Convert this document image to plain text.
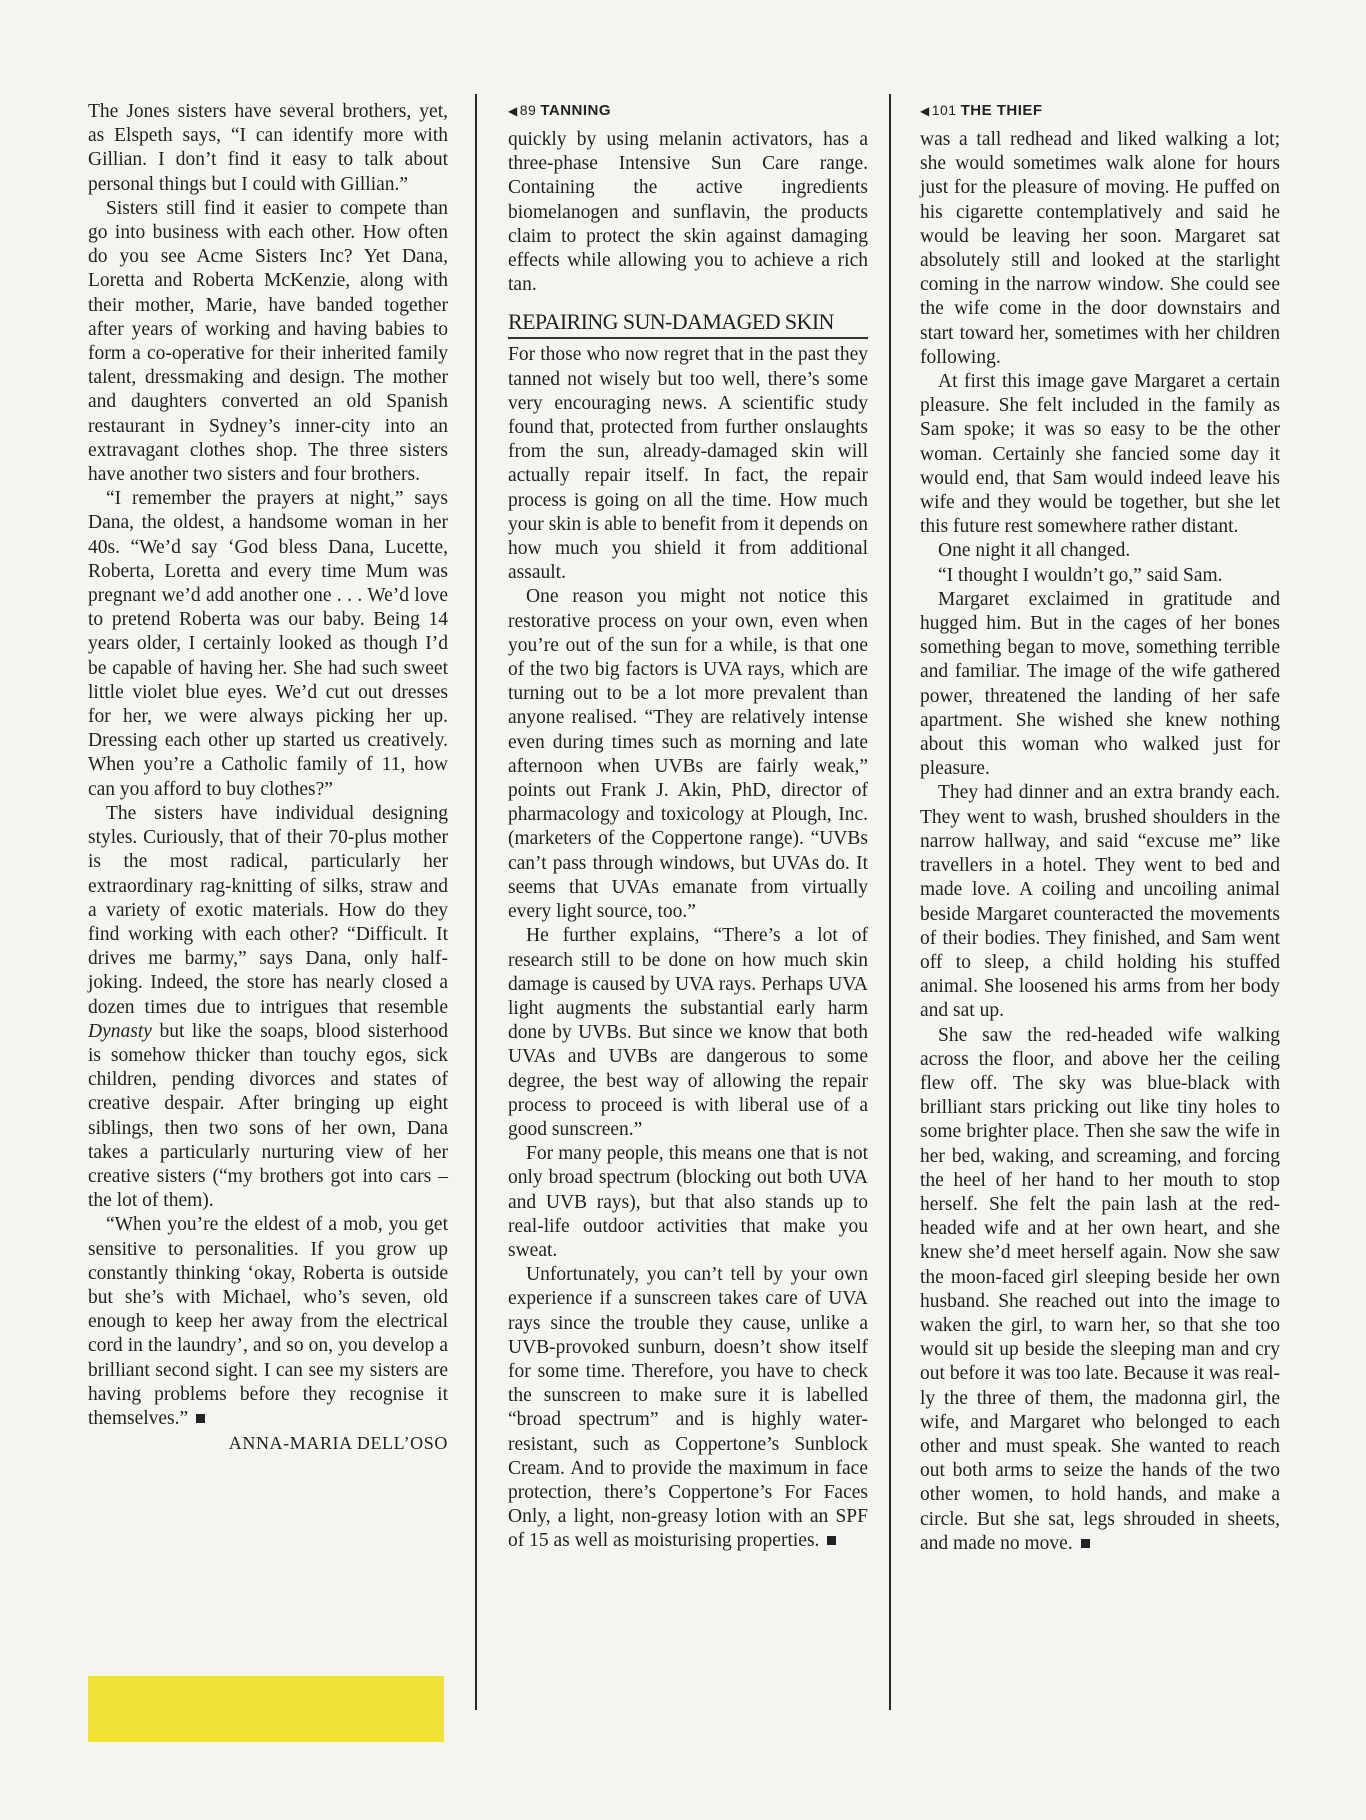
The Jones sisters have several brothers, yet, as Elspeth says, “I can identify more with Gillian. I don’t find it easy to talk about personal things but I could with Gillian.”

Sisters still find it easier to compete than go into business with each other. How often do you see Acme Sisters Inc? Yet Dana, Loretta and Roberta McKenzie, along with their mother, Marie, have banded together after years of working and having babies to form a co-operative for their inherited family talent, dressmaking and design. The mother and daughters converted an old Spanish restaurant in Sydney’s inner-city into an extravagant clothes shop. The three sisters have another two sisters and four brothers.

“I remember the prayers at night,” says Dana, the oldest, a handsome woman in her 40s. “We’d say ‘God bless Dana, Lucette, Roberta, Loretta and every time Mum was pregnant we’d add another one . . . We’d love to pretend Roberta was our baby. Being 14 years older, I certainly looked as though I’d be capable of having her. She had such sweet little violet blue eyes. We’d cut out dresses for her, we were always picking her up. Dressing each other up started us creatively. When you’re a Catholic family of 11, how can you afford to buy clothes?”

The sisters have individual designing styles. Curiously, that of their 70-plus mother is the most radical, particularly her extraordinary rag-knitting of silks, straw and a variety of exotic materials. How do they find working with each other? “Difficult. It drives me barmy,” says Dana, only half-joking. Indeed, the store has nearly closed a dozen times due to intrigues that resemble Dynasty but like the soaps, blood sisterhood is somehow thicker than touchy egos, sick children, pending divorces and states of creative despair. After bringing up eight siblings, then two sons of her own, Dana takes a particularly nurturing view of her creative sisters (“my brothers got into cars – the lot of them).

“When you’re the eldest of a mob, you get sensitive to personalities. If you grow up constantly thinking ‘okay, Roberta is outside but she’s with Michael, who’s seven, old enough to keep her away from the electrical cord in the laundry’, and so on, you develop a brilliant second sight. I can see my sisters are having problems before they recognise it themselves.”

ANNA-MARIA DELL’OSO

◀ 89 TANNING

quickly by using melanin activators, has a three-phase Intensive Sun Care range. Containing the active ingredients biomelanogen and sunflavin, the products claim to protect the skin against damaging effects while allowing you to achieve a rich tan.

REPAIRING SUN-DAMAGED SKIN

For those who now regret that in the past they tanned not wisely but too well, there’s some very encouraging news. A scientific study found that, protected from further onslaughts from the sun, already-damaged skin will actually repair itself. In fact, the repair process is going on all the time. How much your skin is able to benefit from it depends on how much you shield it from additional assault.

One reason you might not notice this restorative process on your own, even when you’re out of the sun for a while, is that one of the two big factors is UVA rays, which are turning out to be a lot more prevalent than anyone realised. “They are relatively intense even during times such as morning and late afternoon when UVBs are fairly weak,” points out Frank J. Akin, PhD, director of pharmacology and toxicology at Plough, Inc. (marketers of the Coppertone range). “UVBs can’t pass through windows, but UVAs do. It seems that UVAs emanate from virtually every light source, too.”

He further explains, “There’s a lot of research still to be done on how much skin damage is caused by UVA rays. Perhaps UVA light augments the substantial early harm done by UVBs. But since we know that both UVAs and UVBs are dangerous to some degree, the best way of allowing the repair process to proceed is with liberal use of a good sunscreen.”

For many people, this means one that is not only broad spectrum (blocking out both UVA and UVB rays), but that also stands up to real-life outdoor activities that make you sweat.

Unfortunately, you can’t tell by your own experience if a sunscreen takes care of UVA rays since the trouble they cause, unlike a UVB-provoked sunburn, doesn’t show itself for some time. Therefore, you have to check the sunscreen to make sure it is labelled “broad spectrum” and is highly water-resistant, such as Coppertone’s Sunblock Cream. And to provide the maximum in face protection, there’s Coppertone’s For Faces Only, a light, non-greasy lotion with an SPF of 15 as well as moisturising properties.

◀ 101 THE THIEF

was a tall redhead and liked walking a lot; she would sometimes walk alone for hours just for the pleasure of moving. He puffed on his cigarette contemplatively and said he would be leaving her soon. Margaret sat absolutely still and looked at the starlight coming in the narrow window. She could see the wife come in the door downstairs and start toward her, sometimes with her children following.

At first this image gave Margaret a certain pleasure. She felt included in the family as Sam spoke; it was so easy to be the other woman. Certainly she fancied some day it would end, that Sam would indeed leave his wife and they would be together, but she let this future rest somewhere rather distant.

One night it all changed.

“I thought I wouldn’t go,” said Sam.

Margaret exclaimed in gratitude and hugged him. But in the cages of her bones something began to move, something terrible and familiar. The image of the wife gathered power, threatened the landing of her safe apartment. She wished she knew nothing about this woman who walked just for pleasure.

They had dinner and an extra brandy each. They went to wash, brushed shoulders in the narrow hallway, and said “excuse me” like travellers in a hotel. They went to bed and made love. A coiling and uncoiling animal beside Margaret counteracted the movements of their bodies. They finished, and Sam went off to sleep, a child holding his stuffed animal. She loosened his arms from her body and sat up.

She saw the red-headed wife walking across the floor, and above her the ceiling flew off. The sky was blue-black with brilliant stars pricking out like tiny holes to some brighter place. Then she saw the wife in her bed, waking, and screaming, and forcing the heel of her hand to her mouth to stop herself. She felt the pain lash at the red-headed wife and at her own heart, and she knew she’d meet herself again. Now she saw the moon-faced girl sleeping beside her own husband. She reached out into the image to waken the girl, to warn her, so that she too would sit up beside the sleeping man and cry out before it was too late. Because it was really the three of them, the madonna girl, the wife, and Margaret who belonged to each other and must speak. She wanted to reach out both arms to seize the hands of the two other women, to hold hands, and make a circle. But she sat, legs shrouded in sheets, and made no move.
